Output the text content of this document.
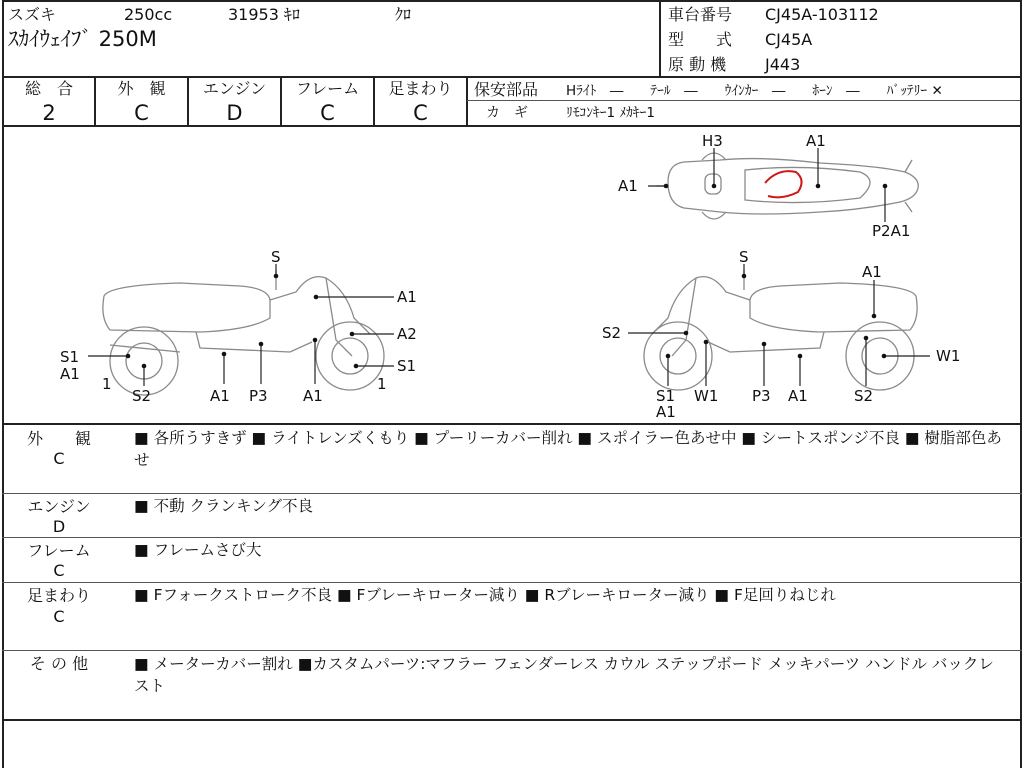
スズキ	250cc	31953 ｷﾛ	ｸﾛ
ｽｶｲｳｪｲﾌﾞ 250M
車台番号 CJ45A-103112
型　　式 CJ45A
原 動 機 J443
総　合
2
外　観
C
エンジン
D
フレーム
C
足まわり
C
保安部品 Hﾗｲﾄ　―　　ﾃｰﾙ　―　　ｳｲﾝｶｰ　―　　ﾎｰﾝ　―　　ﾊﾞｯﾃﾘｰ ✕
カ　ギ	ﾘﾓｺﾝｷｰ1 ﾒｶｷｰ1
A1
H3	A1
P2A1
S
A1
A2
S1
S1
A1
1
S2	A1 P3 A1
1
S
A1
S2
W1
S1
A1
W1 P3 A1	S2
外　　観
C
■ 各所うすきず ■ ライトレンズくもり ■ プーリーカバー削れ ■ スポイラー色あせ中 ■ シートスポンジ不良 ■ 樹脂部色あせ
エンジン
D
■ 不動 クランキング不良
フレーム
C
■ フレームさび大
足まわり
C
■ Fフォークストローク不良 ■ Fブレーキローター減り ■ Rブレーキローター減り ■ F足回りねじれ
そ の 他	■ メーターカバー割れ ■カスタムパーツ:マフラー フェンダーレス カウル ステップボード メッキパーツ ハンドル バックレスト
